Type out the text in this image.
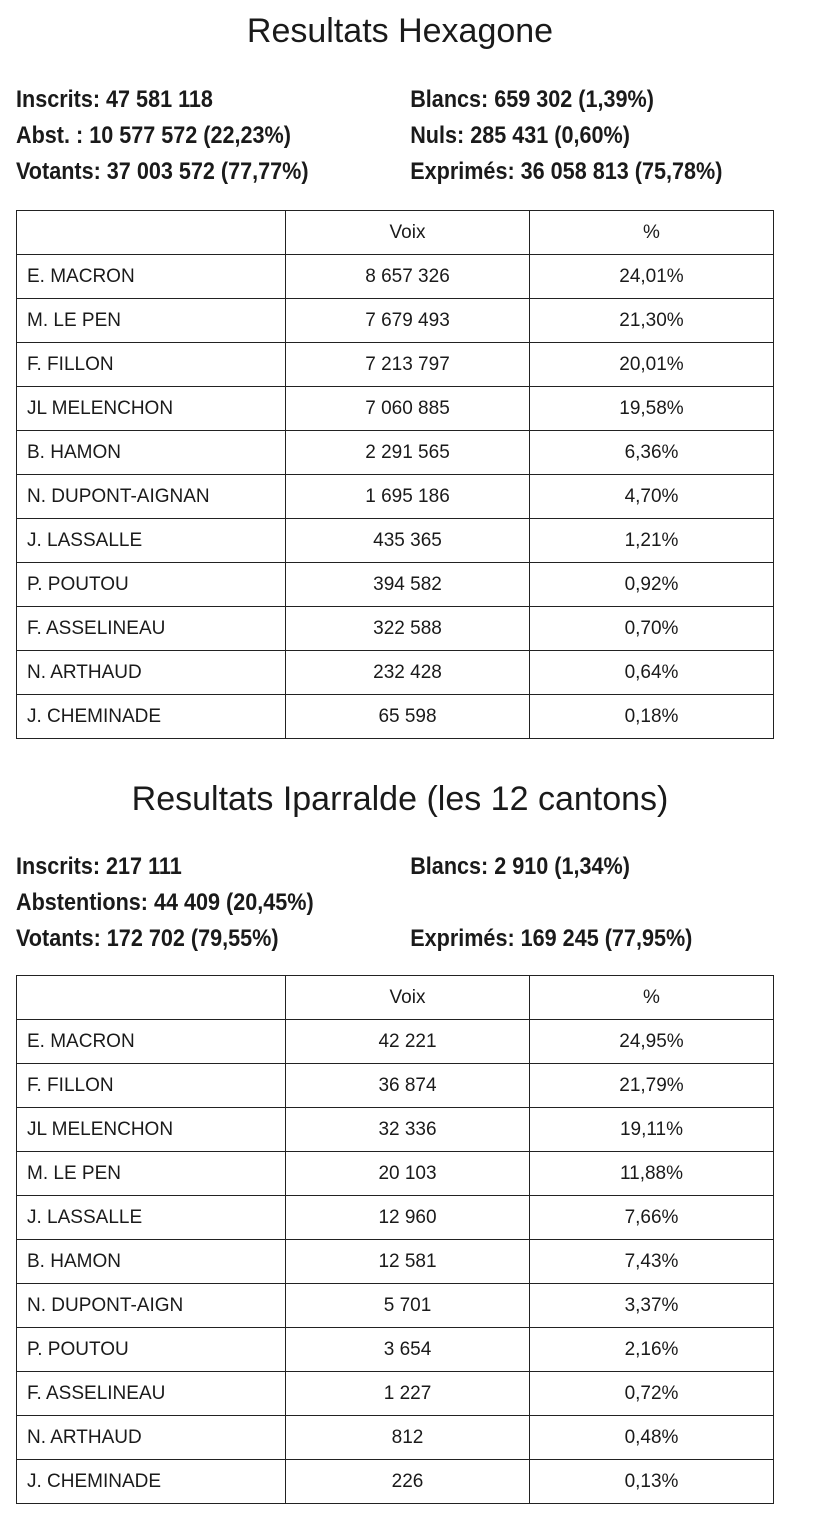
Resultats Hexagone
Inscrits: 47 581 118	Blancs: 659 302 (1,39%)
Abst. : 10 577 572 (22,23%)	Nuls: 285 431 (0,60%)
Votants: 37 003 572 (77,77%)	Exprimés: 36 058 813 (75,78%)
	Voix	%
E. MACRON	8 657 326	24,01%
M. LE PEN	7 679 493	21,30%
F. FILLON	7 213 797	20,01%
JL MELENCHON	7 060 885	19,58%
B. HAMON	2 291 565	6,36%
N. DUPONT-AIGNAN	1 695 186	4,70%
J. LASSALLE	435 365	1,21%
P. POUTOU	394 582	0,92%
F. ASSELINEAU	322 588	0,70%
N. ARTHAUD	232 428	0,64%
J. CHEMINADE	65 598	0,18%
Resultats Iparralde (les 12 cantons)
Inscrits: 217 111	Blancs: 2 910 (1,34%)
Abstentions: 44 409 (20,45%)
Votants: 172 702 (79,55%)	Exprimés: 169 245 (77,95%)
	Voix	%
E. MACRON	42 221	24,95%
F. FILLON	36 874	21,79%
JL MELENCHON	32 336	19,11%
M. LE PEN	20 103	11,88%
J. LASSALLE	12 960	7,66%
B. HAMON	12 581	7,43%
N. DUPONT-AIGN	5 701	3,37%
P. POUTOU	3 654	2,16%
F. ASSELINEAU	1 227	0,72%
N. ARTHAUD	812	0,48%
J. CHEMINADE	226	0,13%
